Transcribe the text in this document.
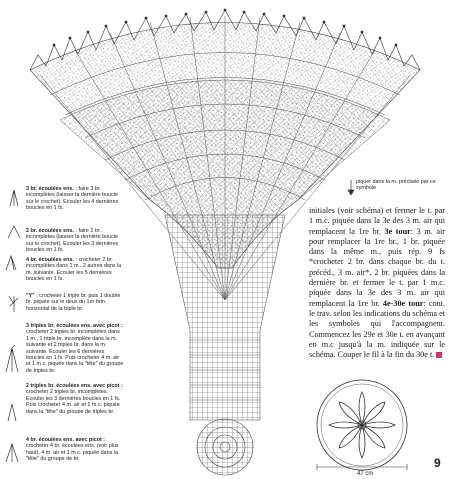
3 br. écoulées ens. : faire 3 br. incomplètes (laisser la dernière boucle sur le crochet). Ecouler les 4 dernières boucles en 1 fs.
2 br. écoulées ens. : faire 2 br. incomplètes (laisser la dernière boucle sur le crochet). Ecouler les 3 dernières boucles en 1 fs.
4 br. écoulées ens. : crocheter 2 br. incomplètes dans 1 m., 2 autres dans la m. suivante. Ecouler les 5 dernières boucles en 1 fs.
"Y" : crocheter 1 triple br. puis 1 double br. piquée sur le deux du 1er brin horizontal de la triple br.
3 triples br. écoulées ens. avec picot : crocheter 2 triples br. incomplètes dans 1 m., 1 triple br. incomplète dans la m. suivante et 2 triples br. dans la m. suivante. Ecouler les 6 dernières boucles en 1 fs. Puis crocheter 4 m. air et 1 m.c. piquée dans la "tête" du groupe de triples br.
2 triples br. écoulées ens. avec picot : crocheter 2 triples br. incomplètes. Ecouler les 3 dernières boucles en 1 fs. Puis crocheter 4 m. air et 1 m.c. piquée dans la "tête" du groupe de triples br.
4 br. écoulées ens. avec picot : crocheter 4 br. écoulées ens. (voir plus haut), 4 m. air et 1 m.c. piquée dans la "tête" du groupe de br.
piquer dans la m. précisée par ce symbole
initiales (voir schéma) et fermer le t. par 1 m.c. piquée dans la 3e des 3 m. air qui remplacent la 1re br. 3e tour: 3 m. air pour remplacer la 1re br., 1 br. piquée dans la même m., puis rép. 9 fs *crocheter 2 br. dans chaque br. du t. précéd., 3 m. air*, 2 br. piquées dans la dernière br. et fermer le t. par 1 m.c. piquée dans la 3e des 3 m. air qui remplacent la 1re br. 4e-30e tour: cont. le trav. selon les indications du schéma et les symboles qui l'accompagnent. Commencez les 29e et 30e t. en avançant en m.c jusqu'à la m. indiquée sur le schéma. Couper le fil à la fin du 30e t.
47 cm
9
